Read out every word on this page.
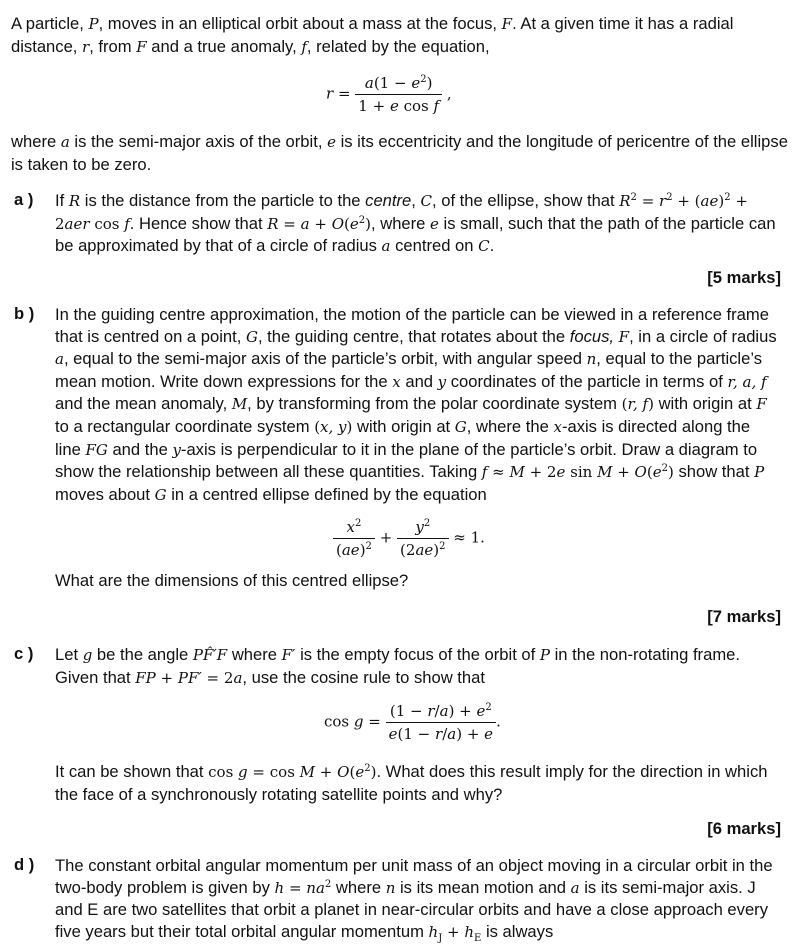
A particle, P, moves in an elliptical orbit about a mass at the focus, F. At a given time it has a radial distance, r, from F and a true anomaly, f, related by the equation,
$r = \frac{a(1 - e^2)}{\text{1 + e cos f}}$ ,
where a is the semi-major axis of the orbit, e is its eccentricity and the longitude of pericentre of the ellipse is taken to be zero.
a ) If R is the distance from the particle to the centre, C, of the ellipse, show that $R^2 = r^2 + (ae)^2 + 2aer$ cos f. Hence show that $R = a + O(e^2)$, where e is small, such that the path of the particle can be approximated by that of a circle of radius a centred on C.
[5 marks]
b ) In the guiding centre approximation, the motion of the particle can be viewed in a reference frame that is centred on a point, G, the guiding centre, that rotates about the focus, F, in a circle of radius a, equal to the semi-major axis of the particle’s orbit, with angular speed n, equal to the particle’s mean motion. Write down expressions for the x and y coordinates of the particle in terms of r, a, f and the mean anomaly, M, by transforming from the polar coordinate system (r, f) with origin at F to a rectangular coordinate system (x, y) with origin at G, where the x-axis is directed along the line FG and the y-axis is perpendicular to it in the plane of the particle’s orbit. Draw a diagram to show the relationship between all these quantities. Taking f ≈ M + 2e $\sin M + O(e^2)$ show that P moves about G in a centred ellipse defined by the equation
$\frac{x^2}{(ae)^2} + \frac{y^2}{(2ae)^2} \approx 1$.
What are the dimensions of this centred ellipse?
[7 marks]
c ) Let g be the angle PF̂′F where F′ is the empty focus of the orbit of P in the non-rotating frame. Given that FP + PF′ = 2a, use the cosine rule to show that
$\cos g = \frac{(1 - r/a) + e^2}{e(1 - r/a) + e}$ .
It can be shown that $\cos g = \cos M + O(e^2)$. What does this result imply for the direction in which the face of a synchronously rotating satellite points and why?
[6 marks]
d ) The constant orbital angular momentum per unit mass of an object moving in a circular orbit in the two-body problem is given by $h = na^2$ where n is its mean motion and a is its semi-major axis. J and E are two satellites that orbit a planet in near-circular orbits and have a close approach every five years but their total orbital angular momentum $h_J + h_E$ is always
